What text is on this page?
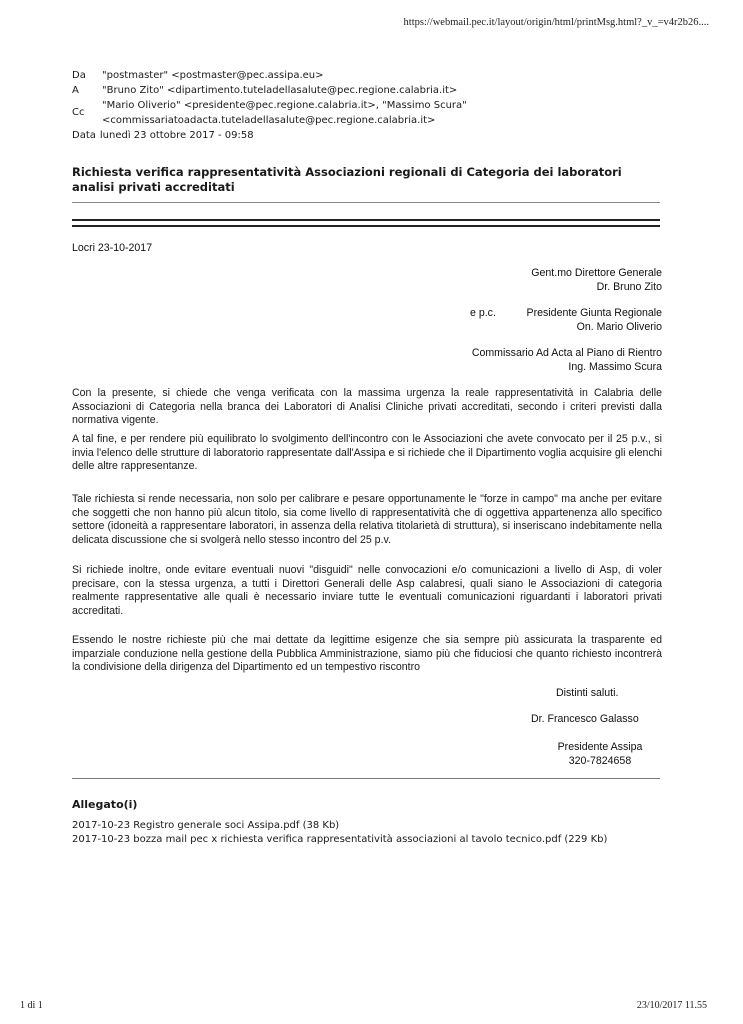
https://webmail.pec.it/layout/origin/html/printMsg.html?_v_=v4r2b26....
Da	"postmaster" <postmaster@pec.assipa.eu>
A	"Bruno Zito" <dipartimento.tuteladellasalute@pec.regione.calabria.it>
Cc
"Mario Oliverio" <presidente@pec.regione.calabria.it>, "Massimo Scura"
<commissariatoadacta.tuteladellasalute@pec.regione.calabria.it>
Data lunedì 23 ottobre 2017 - 09:58
Richiesta verifica rappresentatività Associazioni regionali di Categoria dei laboratori
analisi privati accreditati
Locri 23-10-2017
Gent.mo Direttore Generale
Dr. Bruno Zito
e p.c.	Presidente Giunta Regionale
On. Mario Oliverio
Commissario Ad Acta al Piano di Rientro
Ing. Massimo Scura
Con la presente, si chiede che venga verificata con la massima urgenza la reale rappresentatività in Calabria delle Associazioni di Categoria nella branca dei Laboratori di Analisi Cliniche privati accreditati, secondo i criteri previsti dalla normativa vigente.
A tal fine, e per rendere più equilibrato lo svolgimento dell'incontro con le Associazioni che avete convocato per il 25 p.v., si invia l'elenco delle strutture di laboratorio rappresentate dall'Assipa e si richiede che il Dipartimento voglia acquisire gli elenchi delle altre rappresentanze.
Tale richiesta si rende necessaria, non solo per calibrare e pesare opportunamente le "forze in campo" ma anche per evitare che soggetti che non hanno più alcun titolo, sia come livello di rappresentatività che di oggettiva appartenenza allo specifico settore (idoneità a rappresentare laboratori, in assenza della relativa titolarietà di struttura), si inseriscano indebitamente nella delicata discussione che si svolgerà nello stesso incontro del 25 p.v.
Si richiede inoltre, onde evitare eventuali nuovi "disguidi" nelle convocazioni e/o comunicazioni a livello di Asp, di voler precisare, con la stessa urgenza, a tutti i Direttori Generali delle Asp calabresi, quali siano le Associazioni di categoria realmente rappresentative alle quali è necessario inviare tutte le eventuali comunicazioni riguardanti i laboratori privati accreditati.
Essendo le nostre richieste più che mai dettate da legittime esigenze che sia sempre più assicurata la trasparente ed imparziale conduzione nella gestione della Pubblica Amministrazione, siamo più che fiduciosi che quanto richiesto incontrerà la condivisione della dirigenza del Dipartimento ed un tempestivo riscontro
Distinti saluti.
Dr. Francesco Galasso
Presidente Assipa
320-7824658
Allegato(i)
2017-10-23 Registro generale soci Assipa.pdf (38 Kb)
2017-10-23 bozza mail pec x richiesta verifica rappresentatività associazioni al tavolo tecnico.pdf (229 Kb)
1 di 1	23/10/2017 11.55
